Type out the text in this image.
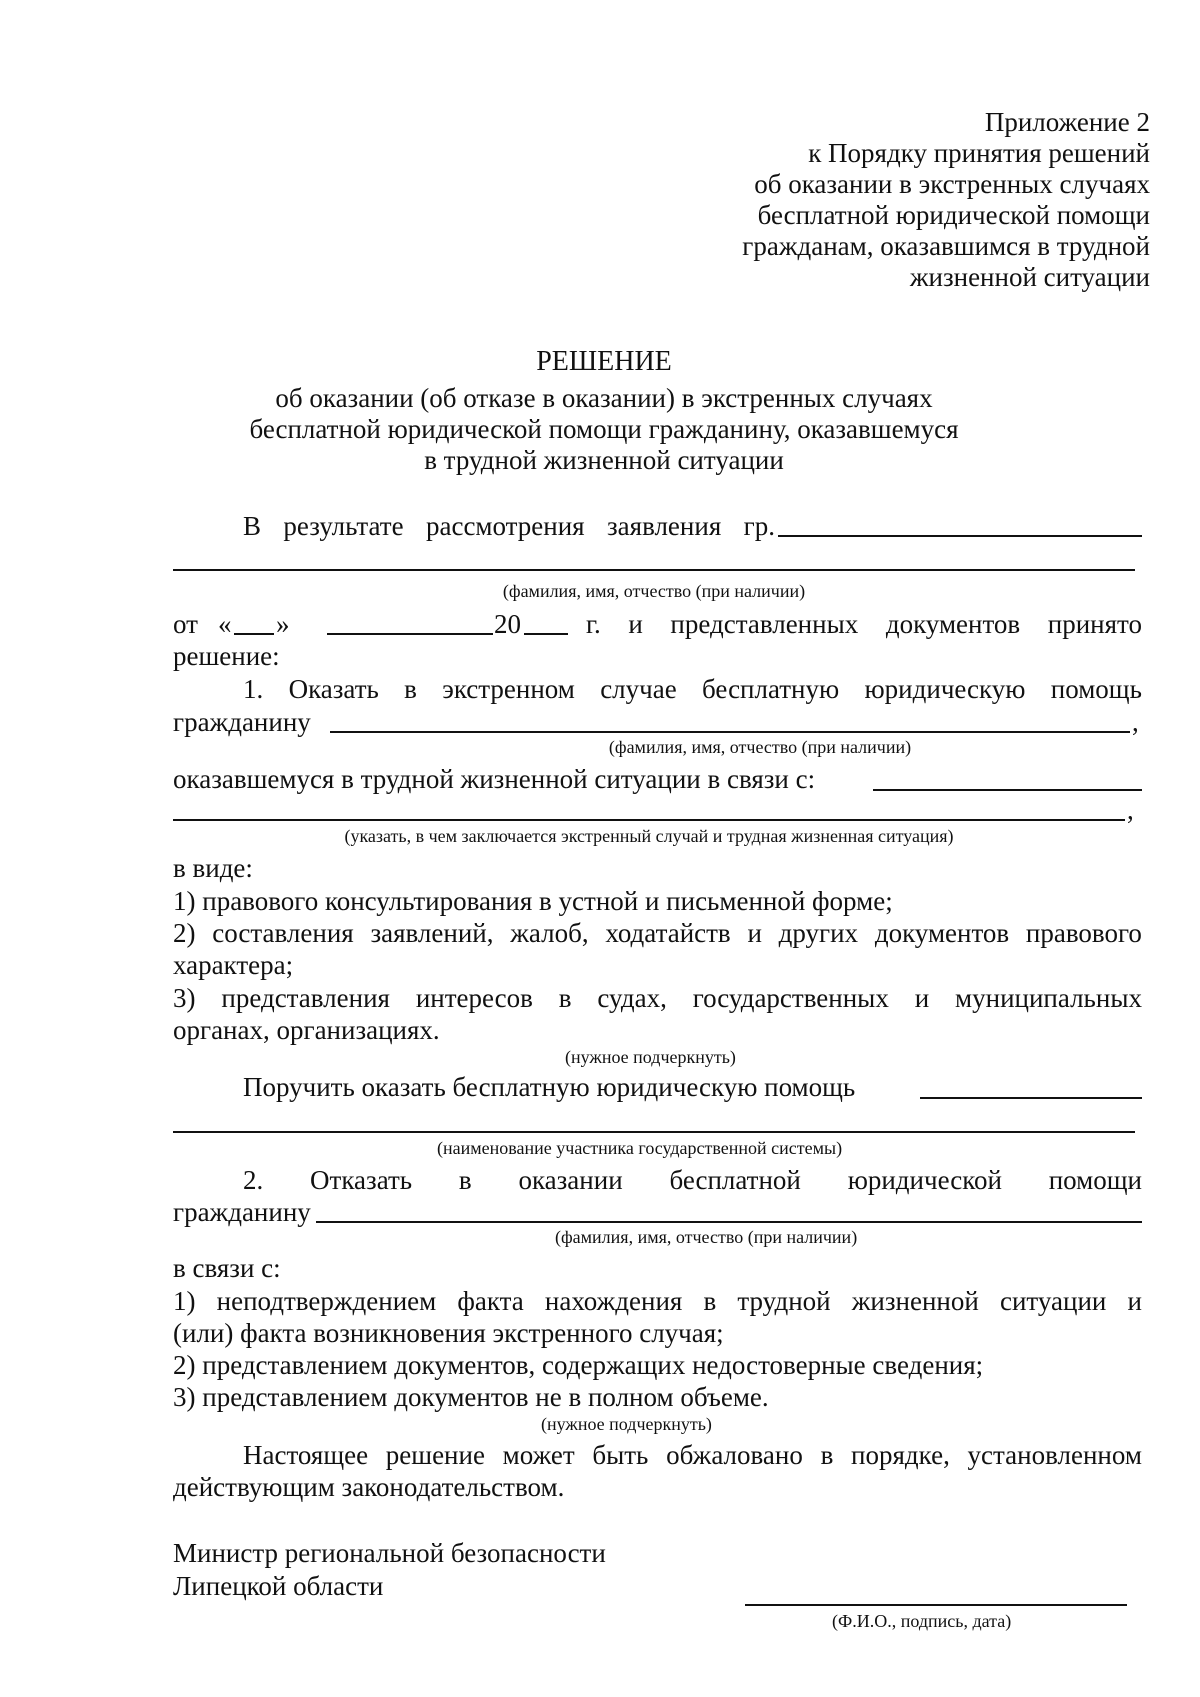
Приложение 2
к Порядку принятия решений
об оказании в экстренных случаях
бесплатной юридической помощи
гражданам, оказавшимся в трудной
жизненной ситуации
РЕШЕНИЕ
об оказании (об отказе в оказании) в экстренных случаях
бесплатной юридической помощи гражданину, оказавшемуся
в трудной жизненной ситуации
В результате рассмотрения заявления гр.
(фамилия, имя, отчество (при наличии)
от « »	20 г. и представленных документов принято
решение:
1. Оказать в экстренном случае бесплатную юридическую помощь
гражданину	,
(фамилия, имя, отчество (при наличии)
оказавшемуся в трудной жизненной ситуации в связи с:
,
(указать, в чем заключается экстренный случай и трудная жизненная ситуация)
в виде:
1) правового консультирования в устной и письменной форме;
2) составления заявлений, жалоб, ходатайств и других документов правового
характера;
3) представления интересов в судах, государственных и муниципальных
органах, организациях.
(нужное подчеркнуть)
Поручить оказать бесплатную юридическую помощь
(наименование участника государственной системы)
2. Отказать в оказании бесплатной юридической помощи
гражданину
(фамилия, имя, отчество (при наличии)
в связи с:
1) неподтверждением факта нахождения в трудной жизненной ситуации и
(или) факта возникновения экстренного случая;
2) представлением документов, содержащих недостоверные сведения;
3) представлением документов не в полном объеме.
(нужное подчеркнуть)
Настоящее решение может быть обжаловано в порядке, установленном
действующим законодательством.
Министр региональной безопасности
Липецкой области
(Ф.И.О., подпись, дата)
